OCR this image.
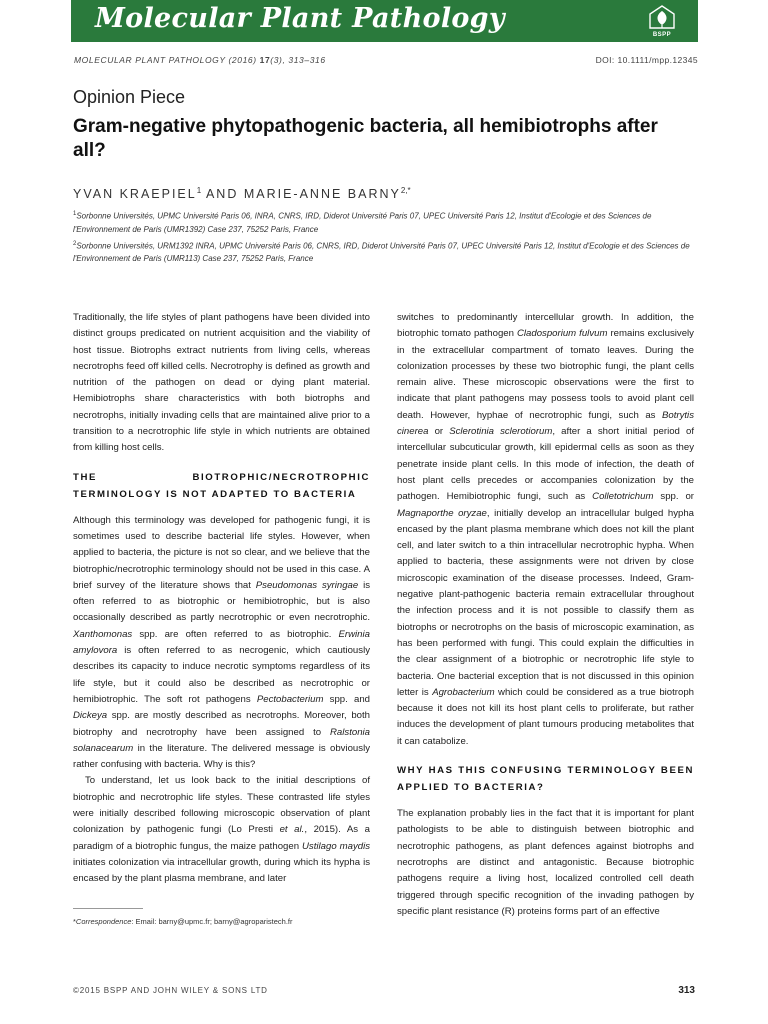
Molecular Plant Pathology
BSPP
MOLECULAR PLANT PATHOLOGY (2016) 17(3), 313–316	DOI: 10.1111/mpp.12345
Opinion Piece
Gram-negative phytopathogenic bacteria, all hemibiotrophs after all?
YVAN KRAEPIEL$^1$ AND MARIE-ANNE $BARNY^{2,*}$
$^1$Sorbonne Universités, UPMC Université Paris 06, INRA, CNRS, IRD, Diderot Université Paris 07, UPEC Université Paris 12, Institut d'Ecologie et des Sciences de l'Environnement de Paris (UMR1392) Case 237, 75252 Paris, France
$^2$Sorbonne Universités, URM1392 INRA, UPMC Université Paris 06, CNRS, IRD, Diderot Université Paris 07, UPEC Université Paris 12, Institut d'Ecologie et des Sciences de l'Environnement de Paris (UMR113) Case 237, 75252 Paris, France

Traditionally, the life styles of plant pathogens have been divided into distinct groups predicated on nutrient acquisition and the viability of host tissue. Biotrophs extract nutrients from living cells, whereas necrotrophs feed off killed cells. Necrotrophy is defined as growth and nutrition of the pathogen on dead or dying plant material. Hemibiotrophs share characteristics with both biotrophs and necrotrophs, initially invading cells that are maintained alive prior to a transition to a necrotrophic life style in which nutrients are obtained from killing host cells.

THE BIOTROPHIC/NECROTROPHIC TERMINOLOGY IS NOT ADAPTED TO BACTERIA

Although this terminology was developed for pathogenic fungi, it is sometimes used to describe bacterial life styles. However, when applied to bacteria, the picture is not so clear, and we believe that the biotrophic/necrotrophic terminology should not be used in this case. A brief survey of the literature shows that Pseudomonas syringae is often referred to as biotrophic or hemibiotrophic, but is also occasionally described as partly necrotrophic or even necrotrophic. Xanthomonas spp. are often referred to as biotrophic. Erwinia amylovora is often referred to as necrogenic, which cautiously describes its capacity to induce necrotic symptoms regardless of its life style, but it could also be described as necrotrophic or hemibiotrophic. The soft rot pathogens Pectobacterium spp. and Dickeya spp. are mostly described as necrotrophs. Moreover, both biotrophy and necrotrophy have been assigned to Ralstonia solanacearum in the literature. The delivered message is obviously rather confusing with bacteria. Why is this?

To understand, let us look back to the initial descriptions of biotrophic and necrotrophic life styles. These contrasted life styles were initially described following microscopic observation of plant colonization by pathogenic fungi (Lo Presti et al., 2015). As a paradigm of a biotrophic fungus, the maize pathogen Ustilago maydis initiates colonization via intracellular growth, during which its hypha is encased by the plant plasma membrane, and later

switches to predominantly intercellular growth. In addition, the biotrophic tomato pathogen Cladosporium fulvum remains exclusively in the extracellular compartment of tomato leaves. During the colonization processes by these two biotrophic fungi, the plant cells remain alive. These microscopic observations were the first to indicate that plant pathogens may possess tools to avoid plant cell death. However, hyphae of necrotrophic fungi, such as Botrytis cinerea or Sclerotinia sclerotiorum, after a short initial period of intercellular subcuticular growth, kill epidermal cells as soon as they penetrate inside plant cells. In this mode of infection, the death of host plant cells precedes or accompanies colonization by the pathogen. Hemibiotrophic fungi, such as Colletotrichum spp. or Magnaporthe oryzae, initially develop an intracellular bulged hypha encased by the plant plasma membrane which does not kill the plant cell, and later switch to a thin intracellular necrotrophic hypha. When applied to bacteria, these assignments were not driven by close microscopic examination of the disease processes. Indeed, Gram-negative plant-pathogenic bacteria remain extracellular throughout the infection process and it is not possible to classify them as biotrophs or necrotrophs on the basis of microscopic examination, as has been performed with fungi. This could explain the difficulties in the clear assignment of a biotrophic or necrotrophic life style to bacteria. One bacterial exception that is not discussed in this opinion letter is Agrobacterium which could be considered as a true biotroph because it does not kill its host plant cells to proliferate, but rather induces the development of plant tumours producing metabolites that it can catabolize.

WHY HAS THIS CONFUSING TERMINOLOGY BEEN APPLIED TO BACTERIA?

The explanation probably lies in the fact that it is important for plant pathologists to be able to distinguish between biotrophic and necrotrophic pathogens, as plant defences against biotrophs and necrotrophs are distinct and antagonistic. Because biotrophic pathogens require a living host, localized controlled cell death triggered through specific recognition of the invading pathogen by specific plant resistance (R) proteins forms part of an effective

*Correspondence: Email: barny@upmc.fr; barny@agroparistech.fr
©2015 BSPP AND JOHN WILEY & SONS LTD	313
